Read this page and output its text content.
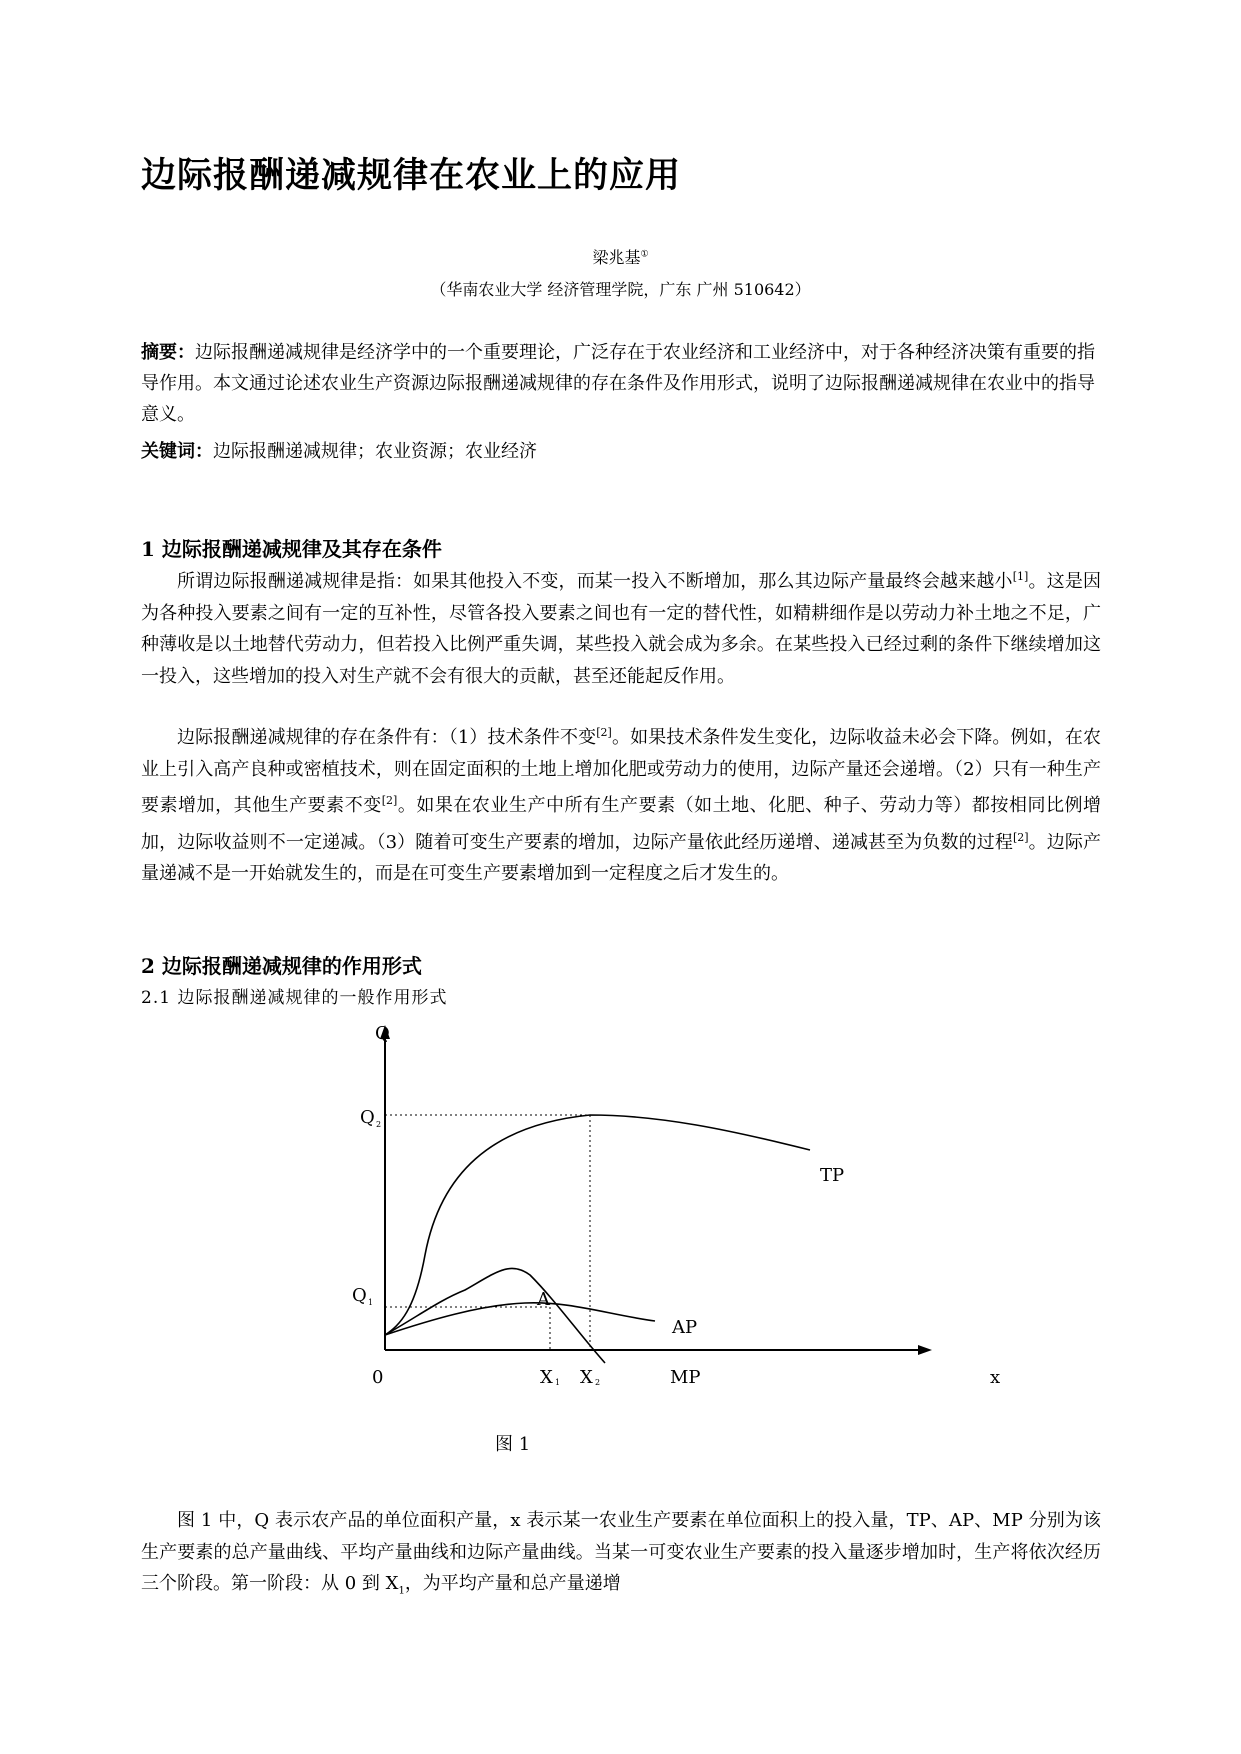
边际报酬递减规律在农业上的应用
梁兆基①
（华南农业大学 经济管理学院，广东 广州 510642）
摘要：边际报酬递减规律是经济学中的一个重要理论，广泛存在于农业经济和工业经济中，对于各种经济决策有重要的指导作用。本文通过论述农业生产资源边际报酬递减规律的存在条件及作用形式，说明了边际报酬递减规律在农业中的指导意义。
关键词：边际报酬递减规律；农业资源；农业经济
1 边际报酬递减规律及其存在条件

所谓边际报酬递减规律是指：如果其他投入不变，而某一投入不断增加，那么其边际产量最终会越来越小[1]。这是因为各种投入要素之间有一定的互补性，尽管各投入要素之间也有一定的替代性，如精耕细作是以劳动力补土地之不足，广种薄收是以土地替代劳动力，但若投入比例严重失调，某些投入就会成为多余。在某些投入已经过剩的条件下继续增加这一投入，这些增加的投入对生产就不会有很大的贡献，甚至还能起反作用。

边际报酬递减规律的存在条件有：（1）技术条件不变[2]。如果技术条件发生变化，边际收益未必会下降。例如，在农业上引入高产良种或密植技术，则在固定面积的土地上增加化肥或劳动力的使用，边际产量还会递增。（2）只有一种生产要素增加，其他生产要素不变[2]。如果在农业生产中所有生产要素（如土地、化肥、种子、劳动力等）都按相同比例增加，边际收益则不一定递减。（3）随着可变生产要素的增加，边际产量依此经历递增、递减甚至为负数的过程[2]。边际产量递减不是一开始就发生的，而是在可变生产要素增加到一定程度之后才发生的。

2 边际报酬递减规律的作用形式
2.1 边际报酬递减规律的一般作用形式
Q
Q 2
Q 1
0	X 1 X 2	MP	x
TP
AP
A
图 1

图 1 中，Q 表示农产品的单位面积产量，x 表示某一农业生产要素在单位面积上的投入量，TP、AP、MP 分别为该生产要素的总产量曲线、平均产量曲线和边际产量曲线。当某一可变农业生产要素的投入量逐步增加时，生产将依次经历三个阶段。第一阶段：从 0 到 $X_1$，为平均产量和总产量递增
